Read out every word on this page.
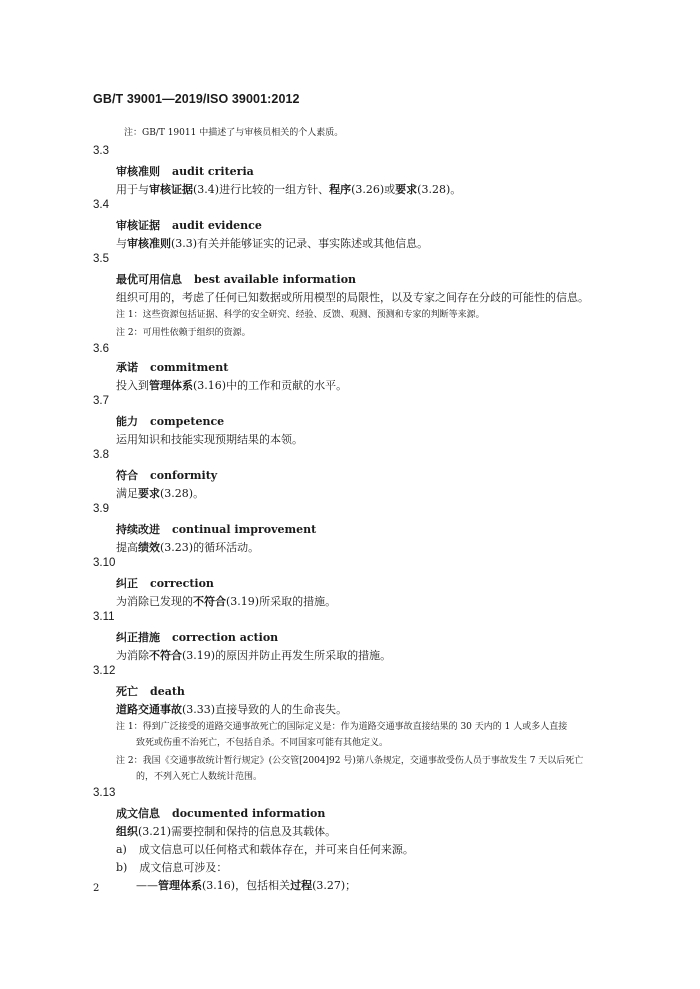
GB/T 39001—2019/ISO 39001:2012
注：GB/T 19011 中描述了与审核员相关的个人素质。
3.3
审核准则 audit criteria
用于与审核证据(3.4)进行比较的一组方针、程序(3.26)或要求(3.28)。
3.4
审核证据 audit evidence
与审核准则(3.3)有关并能够证实的记录、事实陈述或其他信息。
3.5
最优可用信息 best available information
组织可用的，考虑了任何已知数据或所用模型的局限性，以及专家之间存在分歧的可能性的信息。
注 1：这些资源包括证据、科学的安全研究、经验、反馈、观测、预测和专家的判断等来源。
注 2：可用性依赖于组织的资源。
3.6
承诺 commitment
投入到管理体系(3.16)中的工作和贡献的水平。
3.7
能力 competence
运用知识和技能实现预期结果的本领。
3.8
符合 conformity
满足要求(3.28)。
3.9
持续改进 continual improvement
提高绩效(3.23)的循环活动。
3.10
纠正 correction
为消除已发现的不符合(3.19)所采取的措施。
3.11
纠正措施 correction action
为消除不符合(3.19)的原因并防止再发生所采取的措施。
3.12
死亡 death
道路交通事故(3.33)直接导致的人的生命丧失。
注 1：得到广泛接受的道路交通事故死亡的国际定义是：作为道路交通事故直接结果的 30 天内的 1 人或多人直接
致死或伤重不治死亡，不包括自杀。不同国家可能有其他定义。
注 2：我国《交通事故统计暂行规定》(公交管[2004]92 号)第八条规定，交通事故受伤人员于事故发生 7 天以后死亡
的，不列入死亡人数统计范围。
3.13
成文信息 documented information
组织(3.21)需要控制和保持的信息及其载体。
a) 成文信息可以任何格式和载体存在，并可来自任何来源。
b) 成文信息可涉及：
——管理体系(3.16)，包括相关过程(3.27)；
2
